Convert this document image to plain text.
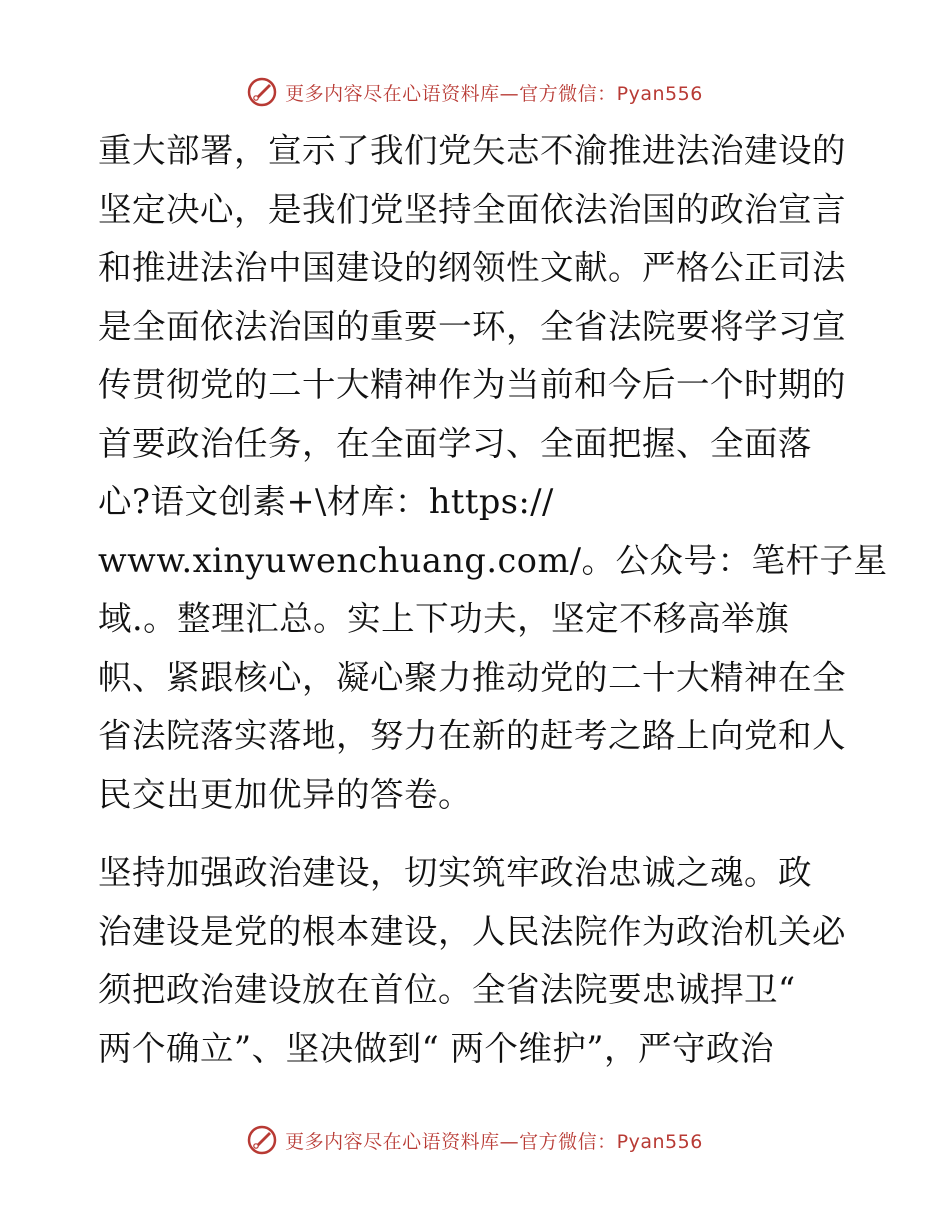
更多内容尽在心语资料库—官方微信：Pyan556
重大部署，宣示了我们党矢志不渝推进法治建设的
坚定决心，是我们党坚持全面依法治国的政治宣言
和推进法治中国建设的纲领性文献。严格公正司法
是全面依法治国的重要一环，全省法院要将学习宣
传贯彻党的二十大精神作为当前和今后一个时期的
首要政治任务，在全面学习、全面把握、全面落
心?语文创素+\材库：https://
www.xinyuwenchuang.com/。公众号：笔杆子星
域.。整理汇总。实上下功夫，坚定不移高举旗
帜、紧跟核心，凝心聚力推动党的二十大精神在全
省法院落实落地，努力在新的赶考之路上向党和人
民交出更加优异的答卷。
坚持加强政治建设，切实筑牢政治忠诚之魂。政
治建设是党的根本建设，人民法院作为政治机关必
须把政治建设放在首位。全省法院要忠诚捍卫“
两个确立”、坚决做到“ 两个维护”，严守政治
更多内容尽在心语资料库—官方微信：Pyan556
